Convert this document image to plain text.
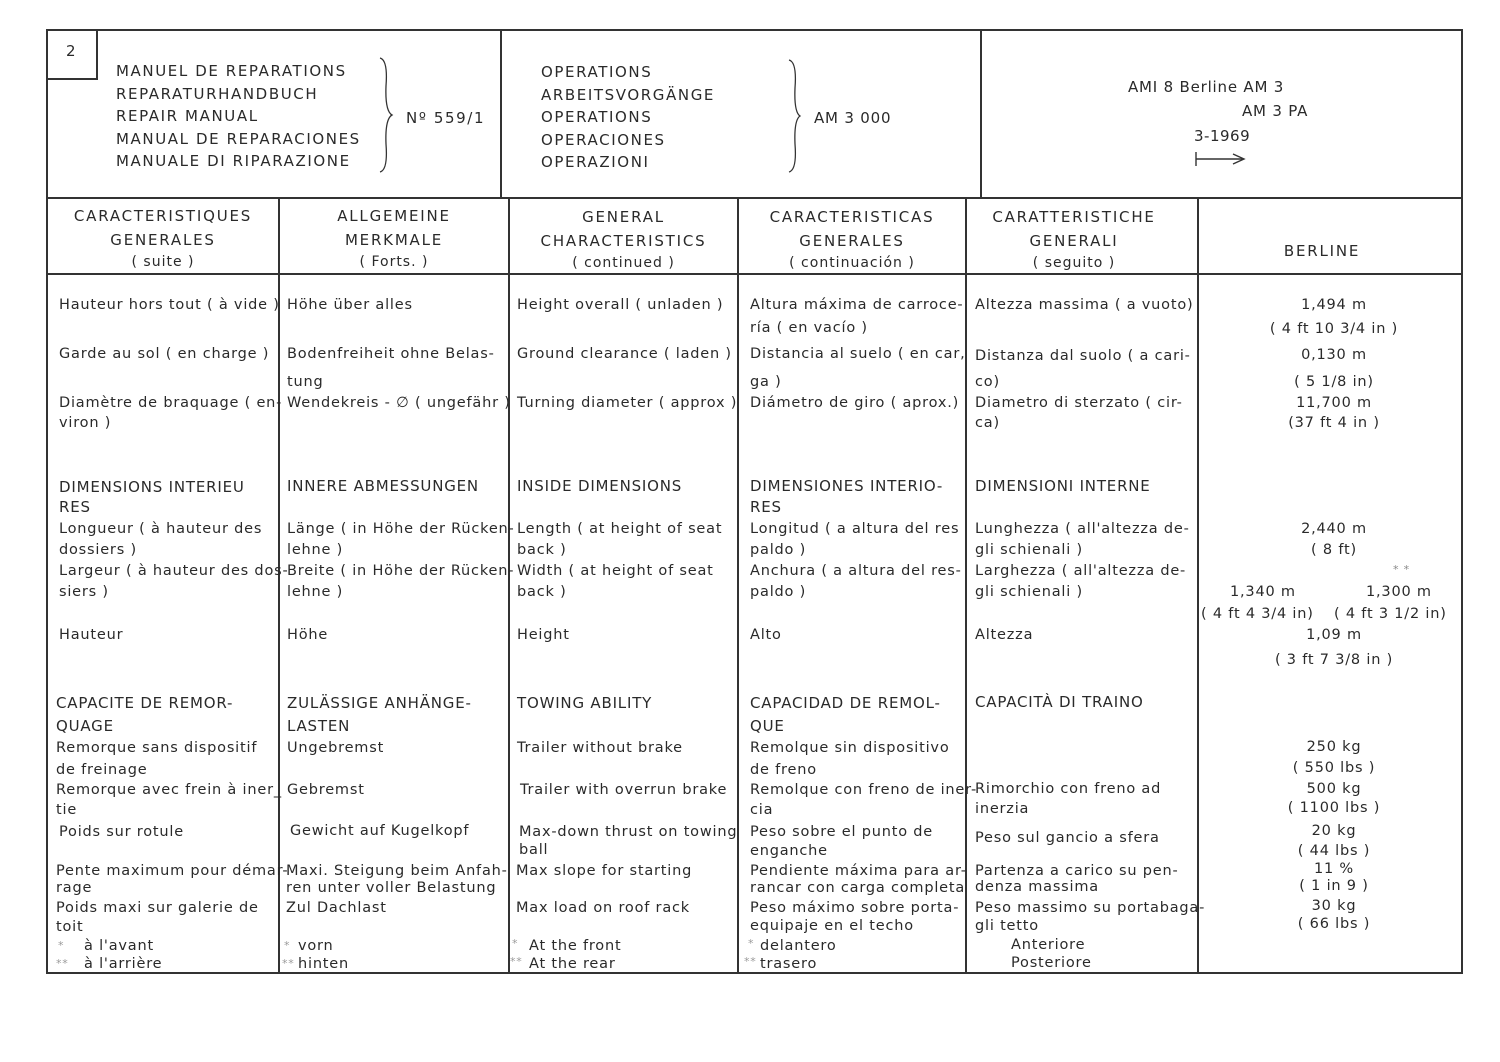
2
MANUEL DE REPARATIONS
REPARATURHANDBUCH
REPAIR MANUAL
MANUAL DE REPARACIONES
MANUALE DI RIPARAZIONE
Nº 559/1
OPERATIONS
ARBEITSVORGÄNGE
OPERATIONS
OPERACIONES
OPERAZIONI
AM 3 000
AMI 8 Berline AM 3
AM 3 PA
3-1969
CARACTERISTIQUES
GENERALES
( suite )
ALLGEMEINE
MERKMALE
( Forts. )
GENERAL
CHARACTERISTICS
( continued )
CARACTERISTICAS
GENERALES
( continuación )
CARATTERISTICHE
GENERALI
( seguito )
BERLINE
Hauteur hors tout ( à vide )
Garde au sol ( en charge )
Diamètre de braquage ( en-
viron )
Höhe über alles
Bodenfreiheit ohne Belas-
tung
Wendekreis - ∅ ( ungefähr )
Height overall ( unladen )
Ground clearance ( laden )
Turning diameter ( approx )
Altura máxima de carroce-
ría ( en vacío )
Distancia al suelo ( en car,
ga )
Diámetro de giro ( aprox.)
Altezza massima ( a vuoto)
Distanza dal suolo ( a cari-
co)
Diametro di sterzato ( cir-
ca)
1,494 m
( 4 ft 10 3/4 in )
0,130 m
( 5 1/8 in)
11,700 m
(37 ft 4 in )
DIMENSIONS INTERIEU
RES
Longueur ( à hauteur des
dossiers )
Largeur ( à hauteur des dos-
siers )
Hauteur
INNERE ABMESSUNGEN
Länge ( in Höhe der Rücken-
lehne )
Breite ( in Höhe der Rücken-
lehne )
Höhe
INSIDE DIMENSIONS
Length ( at height of seat
back )
Width ( at height of seat
back )
Height
DIMENSIONES INTERIO-
RES
Longitud ( a altura del res
paldo )
Anchura ( a altura del res-
paldo )
Alto
DIMENSIONI INTERNE
Lunghezza ( all'altezza de-
gli schienali )
Larghezza ( all'altezza de-
gli schienali )
Altezza
2,440 m
( 8 ft)
* *
1,340 m	1,300 m
( 4 ft 4 3/4 in) ( 4 ft 3 1/2 in)
1,09 m
( 3 ft 7 3/8 in )
CAPACITE DE REMOR-
QUAGE
Remorque sans dispositif
de freinage
Remorque avec frein à iner_
tie
Poids sur rotule
Pente maximum pour démar-
rage
Poids maxi sur galerie de
toit
* à l'avant
** à l'arrière
ZULÄSSIGE ANHÄNGE-
LASTEN
Ungebremst
Gebremst
Gewicht auf Kugelkopf
Maxi. Steigung beim Anfah-
ren unter voller Belastung
Zul Dachlast
* vorn
** hinten
TOWING ABILITY
Trailer without brake
Trailer with overrun brake
Max-down thrust on towing
ball
Max slope for starting
Max load on roof rack
* At the front
** At the rear
CAPACIDAD DE REMOL-
QUE
Remolque sin dispositivo
de freno
Remolque con freno de iner-
cia
Peso sobre el punto de
enganche
Pendiente máxima para ar-
rancar con carga completa
Peso máximo sobre porta-
equipaje en el techo
* delantero
** trasero
CAPACITÀ DI TRAINO
Rimorchio con freno ad
inerzia
Peso sul gancio a sfera
Partenza a carico su pen-
denza massima
Peso massimo su portabaga-
gli tetto
Anteriore
Posteriore
250 kg
( 550 lbs )
500 kg
( 1100 lbs )
20 kg
( 44 lbs )
11 %
( 1 in 9 )
30 kg
( 66 lbs )
